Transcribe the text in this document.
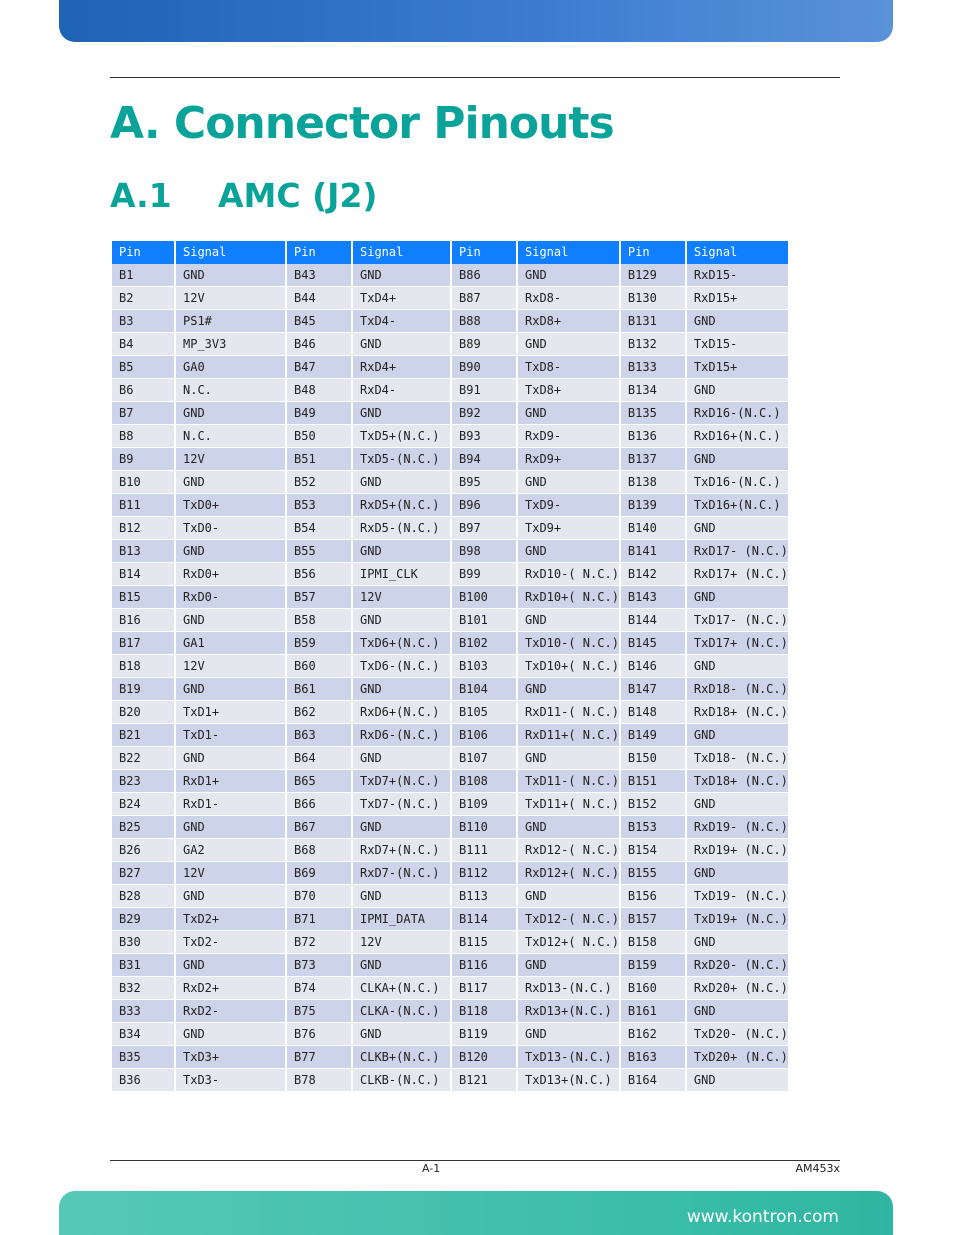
A. Connector Pinouts
A.1 AMC (J2)
Pin	Signal	Pin	Signal	Pin	Signal	Pin	Signal
B1	GND	B43	GND	B86	GND	B129	RxD15-
B2	12V	B44	TxD4+	B87	RxD8-	B130	RxD15+
B3	PS1#	B45	TxD4-	B88	RxD8+	B131	GND
B4	MP_3V3	B46	GND	B89	GND	B132	TxD15-
B5	GA0	B47	RxD4+	B90	TxD8-	B133	TxD15+
B6	N.C.	B48	RxD4-	B91	TxD8+	B134	GND
B7	GND	B49	GND	B92	GND	B135	RxD16-(N.C.)
B8	N.C.	B50	TxD5+(N.C.)	B93	RxD9-	B136	RxD16+(N.C.)
B9	12V	B51	TxD5-(N.C.)	B94	RxD9+	B137	GND
B10	GND	B52	GND	B95	GND	B138	TxD16-(N.C.)
B11	TxD0+	B53	RxD5+(N.C.)	B96	TxD9-	B139	TxD16+(N.C.)
B12	TxD0-	B54	RxD5-(N.C.)	B97	TxD9+	B140	GND
B13	GND	B55	GND	B98	GND	B141	RxD17- (N.C.)
B14	RxD0+	B56	IPMI_CLK	B99	RxD10-( N.C.)	B142	RxD17+ (N.C.)
B15	RxD0-	B57	12V	B100	RxD10+( N.C.)	B143	GND
B16	GND	B58	GND	B101	GND	B144	TxD17- (N.C.)
B17	GA1	B59	TxD6+(N.C.)	B102	TxD10-( N.C.)	B145	TxD17+ (N.C.)
B18	12V	B60	TxD6-(N.C.)	B103	TxD10+( N.C.)	B146	GND
B19	GND	B61	GND	B104	GND	B147	RxD18- (N.C.)
B20	TxD1+	B62	RxD6+(N.C.)	B105	RxD11-( N.C.)	B148	RxD18+ (N.C.)
B21	TxD1-	B63	RxD6-(N.C.)	B106	RxD11+( N.C.)	B149	GND
B22	GND	B64	GND	B107	GND	B150	TxD18- (N.C.)
B23	RxD1+	B65	TxD7+(N.C.)	B108	TxD11-( N.C.)	B151	TxD18+ (N.C.)
B24	RxD1-	B66	TxD7-(N.C.)	B109	TxD11+( N.C.)	B152	GND
B25	GND	B67	GND	B110	GND	B153	RxD19- (N.C.)
B26	GA2	B68	RxD7+(N.C.)	B111	RxD12-( N.C.)	B154	RxD19+ (N.C.)
B27	12V	B69	RxD7-(N.C.)	B112	RxD12+( N.C.)	B155	GND
B28	GND	B70	GND	B113	GND	B156	TxD19- (N.C.)
B29	TxD2+	B71	IPMI_DATA	B114	TxD12-( N.C.)	B157	TxD19+ (N.C.)
B30	TxD2-	B72	12V	B115	TxD12+( N.C.)	B158	GND
B31	GND	B73	GND	B116	GND	B159	RxD20- (N.C.)
B32	RxD2+	B74	CLKA+(N.C.)	B117	RxD13-(N.C.)	B160	RxD20+ (N.C.)
B33	RxD2-	B75	CLKA-(N.C.)	B118	RxD13+(N.C.)	B161	GND
B34	GND	B76	GND	B119	GND	B162	TxD20- (N.C.)
B35	TxD3+	B77	CLKB+(N.C.)	B120	TxD13-(N.C.)	B163	TxD20+ (N.C.)
B36	TxD3-	B78	CLKB-(N.C.)	B121	TxD13+(N.C.)	B164	GND
A-1	AM453x
www.kontron.com
